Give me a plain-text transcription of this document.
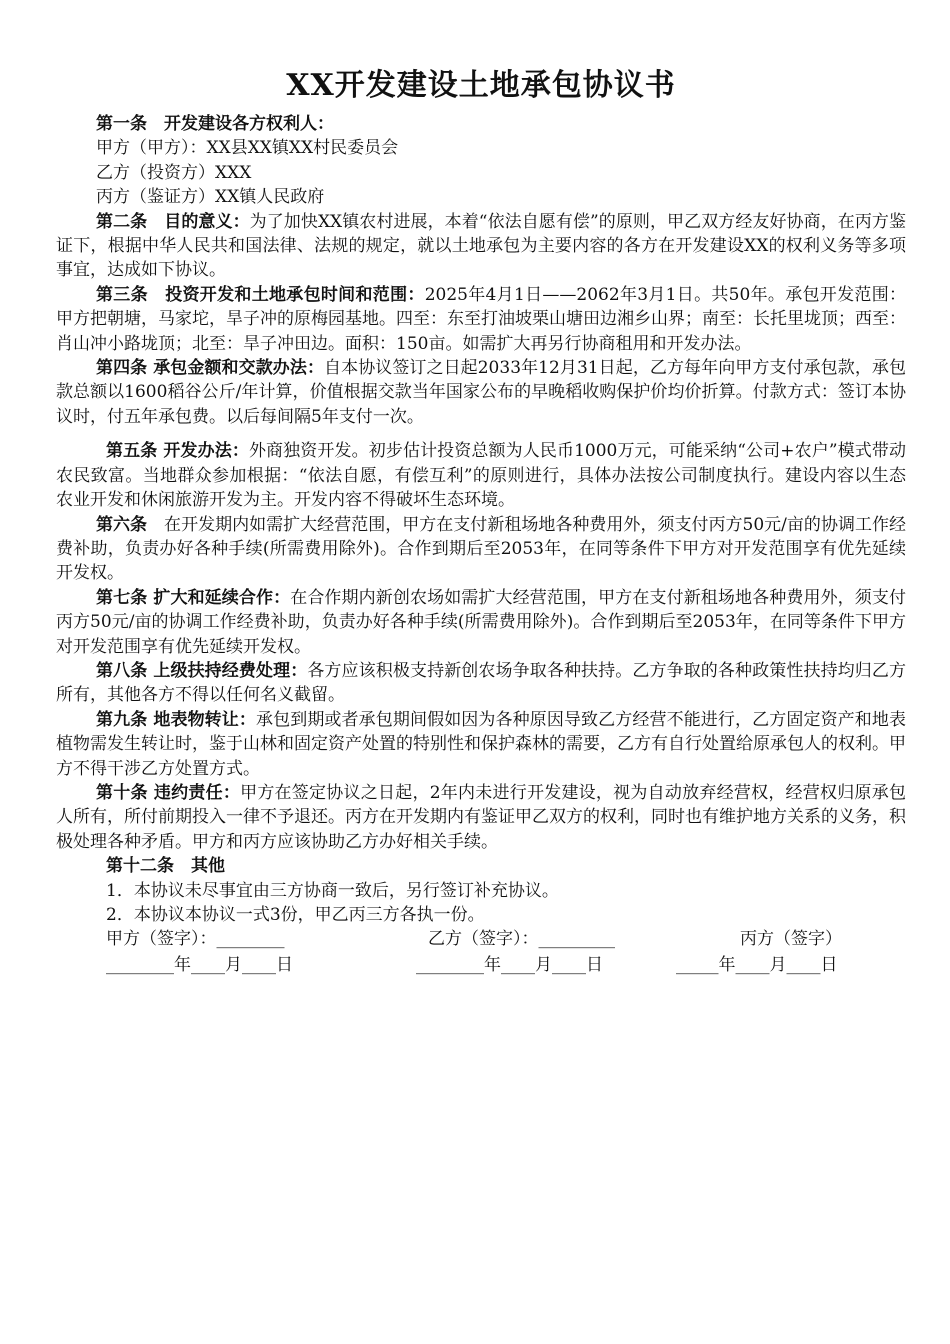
XX开发建设土地承包协议书

第一条　开发建设各方权利人：

甲方（甲方）：XX县XX镇XX村民委员会

乙方（投资方）XXX

丙方（鉴证方）XX镇人民政府

第二条　目的意义：为了加快XX镇农村进展，本着“依法自愿有偿”的原则，甲乙双方经友好协商，在丙方鉴证下，根据中华人民共和国法律、法规的规定，就以土地承包为主要内容的各方在开发建设XX的权利义务等多项事宜，达成如下协议。

第三条　投资开发和土地承包时间和范围：2025年4月1日——2062年3月1日。共50年。承包开发范围：甲方把朝塘，马家坨，旱子冲的原梅园基地。四至：东至打油坡栗山塘田边湘乡山界；南至：长托里垅顶；西至：肖山冲小路垅顶；北至：旱子冲田边。面积：150亩。如需扩大再另行协商租用和开发办法。

第四条 承包金额和交款办法：自本协议签订之日起2033年12月31日起，乙方每年向甲方支付承包款，承包款总额以1600稻谷公斤/年计算，价值根据交款当年国家公布的早晚稻收购保护价均价折算。付款方式：签订本协议时，付五年承包费。以后每间隔5年支付一次。

第五条 开发办法：外商独资开发。初步估计投资总额为人民币1000万元，可能采纳“公司+农户”模式带动农民致富。当地群众参加根据：“依法自愿，有偿互利”的原则进行，具体办法按公司制度执行。建设内容以生态农业开发和休闲旅游开发为主。开发内容不得破坏生态环境。

第六条　在开发期内如需扩大经营范围，甲方在支付新租场地各种费用外，须支付丙方50元/亩的协调工作经费补助，负责办好各种手续(所需费用除外)。合作到期后至2053年，在同等条件下甲方对开发范围享有优先延续开发权。

第七条 扩大和延续合作：在合作期内新创农场如需扩大经营范围，甲方在支付新租场地各种费用外，须支付丙方50元/亩的协调工作经费补助，负责办好各种手续(所需费用除外)。合作到期后至2053年，在同等条件下甲方对开发范围享有优先延续开发权。

第八条 上级扶持经费处理：各方应该积极支持新创农场争取各种扶持。乙方争取的各种政策性扶持均归乙方所有，其他各方不得以任何名义截留。

第九条 地表物转让：承包到期或者承包期间假如因为各种原因导致乙方经营不能进行，乙方固定资产和地表植物需发生转让时，鉴于山林和固定资产处置的特别性和保护森林的需要，乙方有自行处置给原承包人的权利。甲方不得干涉乙方处置方式。

第十条 违约责任：甲方在签定协议之日起，2年内未进行开发建设，视为自动放弃经营权，经营权归原承包人所有，所付前期投入一律不予退还。丙方在开发期内有鉴证甲乙双方的权利，同时也有维护地方关系的义务，积极处理各种矛盾。甲方和丙方应该协助乙方办好相关手续。

第十二条　其他

1．本协议未尽事宜由三方协商一致后，另行签订补充协议。

2．本协议本协议一式3份，甲乙丙三方各执一份。

甲方（签字）：________	乙方（签字）：_________	丙方（签字）
________年____月____日	________年____月____日	_____年____月____日
